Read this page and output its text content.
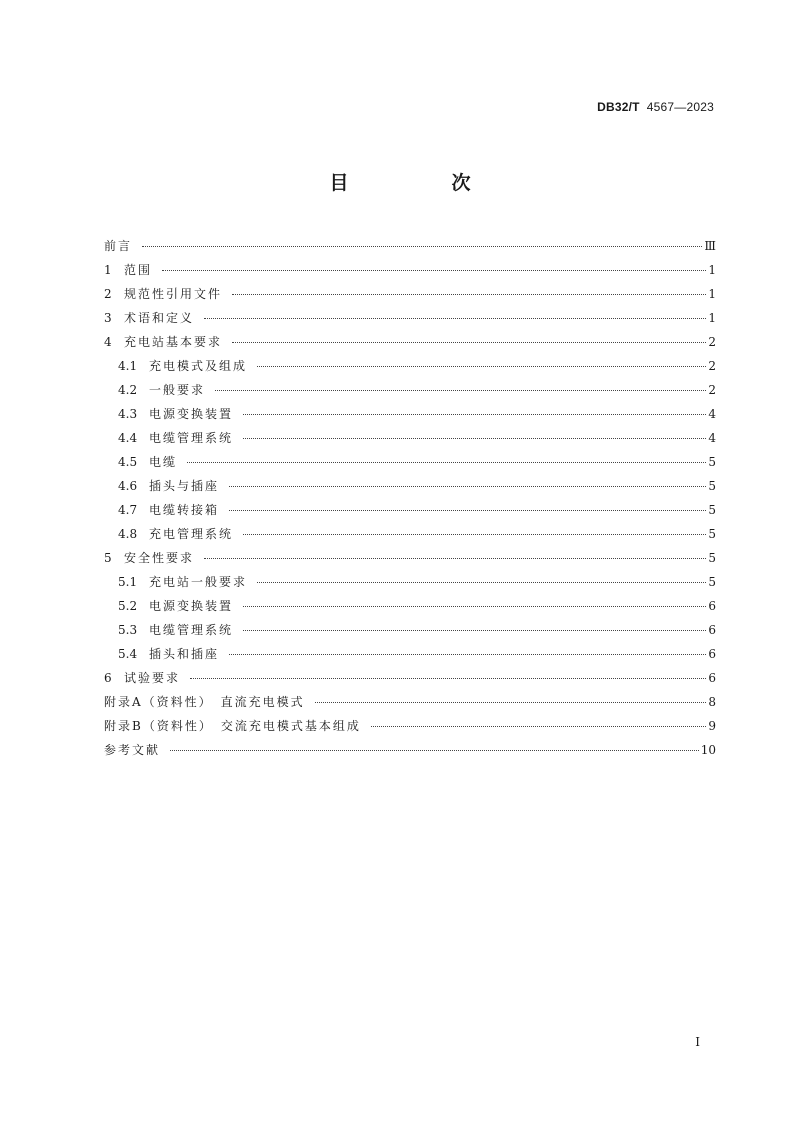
DB32/T 4567—2023
目　次
前言	Ⅲ
1	范围	1
2	规范性引用文件	1
3	术语和定义	1
4	充电站基本要求	2
4.1 充电模式及组成	2
4.2 一般要求	2
4.3 电源变换装置	4
4.4 电缆管理系统	4
4.5 电缆	5
4.6 插头与插座	5
4.7 电缆转接箱	5
4.8 充电管理系统	5
5	安全性要求	5
5.1 充电站一般要求	5
5.2 电源变换装置	6
5.3 电缆管理系统	6
5.4 插头和插座	6
6	试验要求	6
附录A（资料性）　直流充电模式	8
附录B（资料性）　交流充电模式基本组成	9
参考文献	10
I
